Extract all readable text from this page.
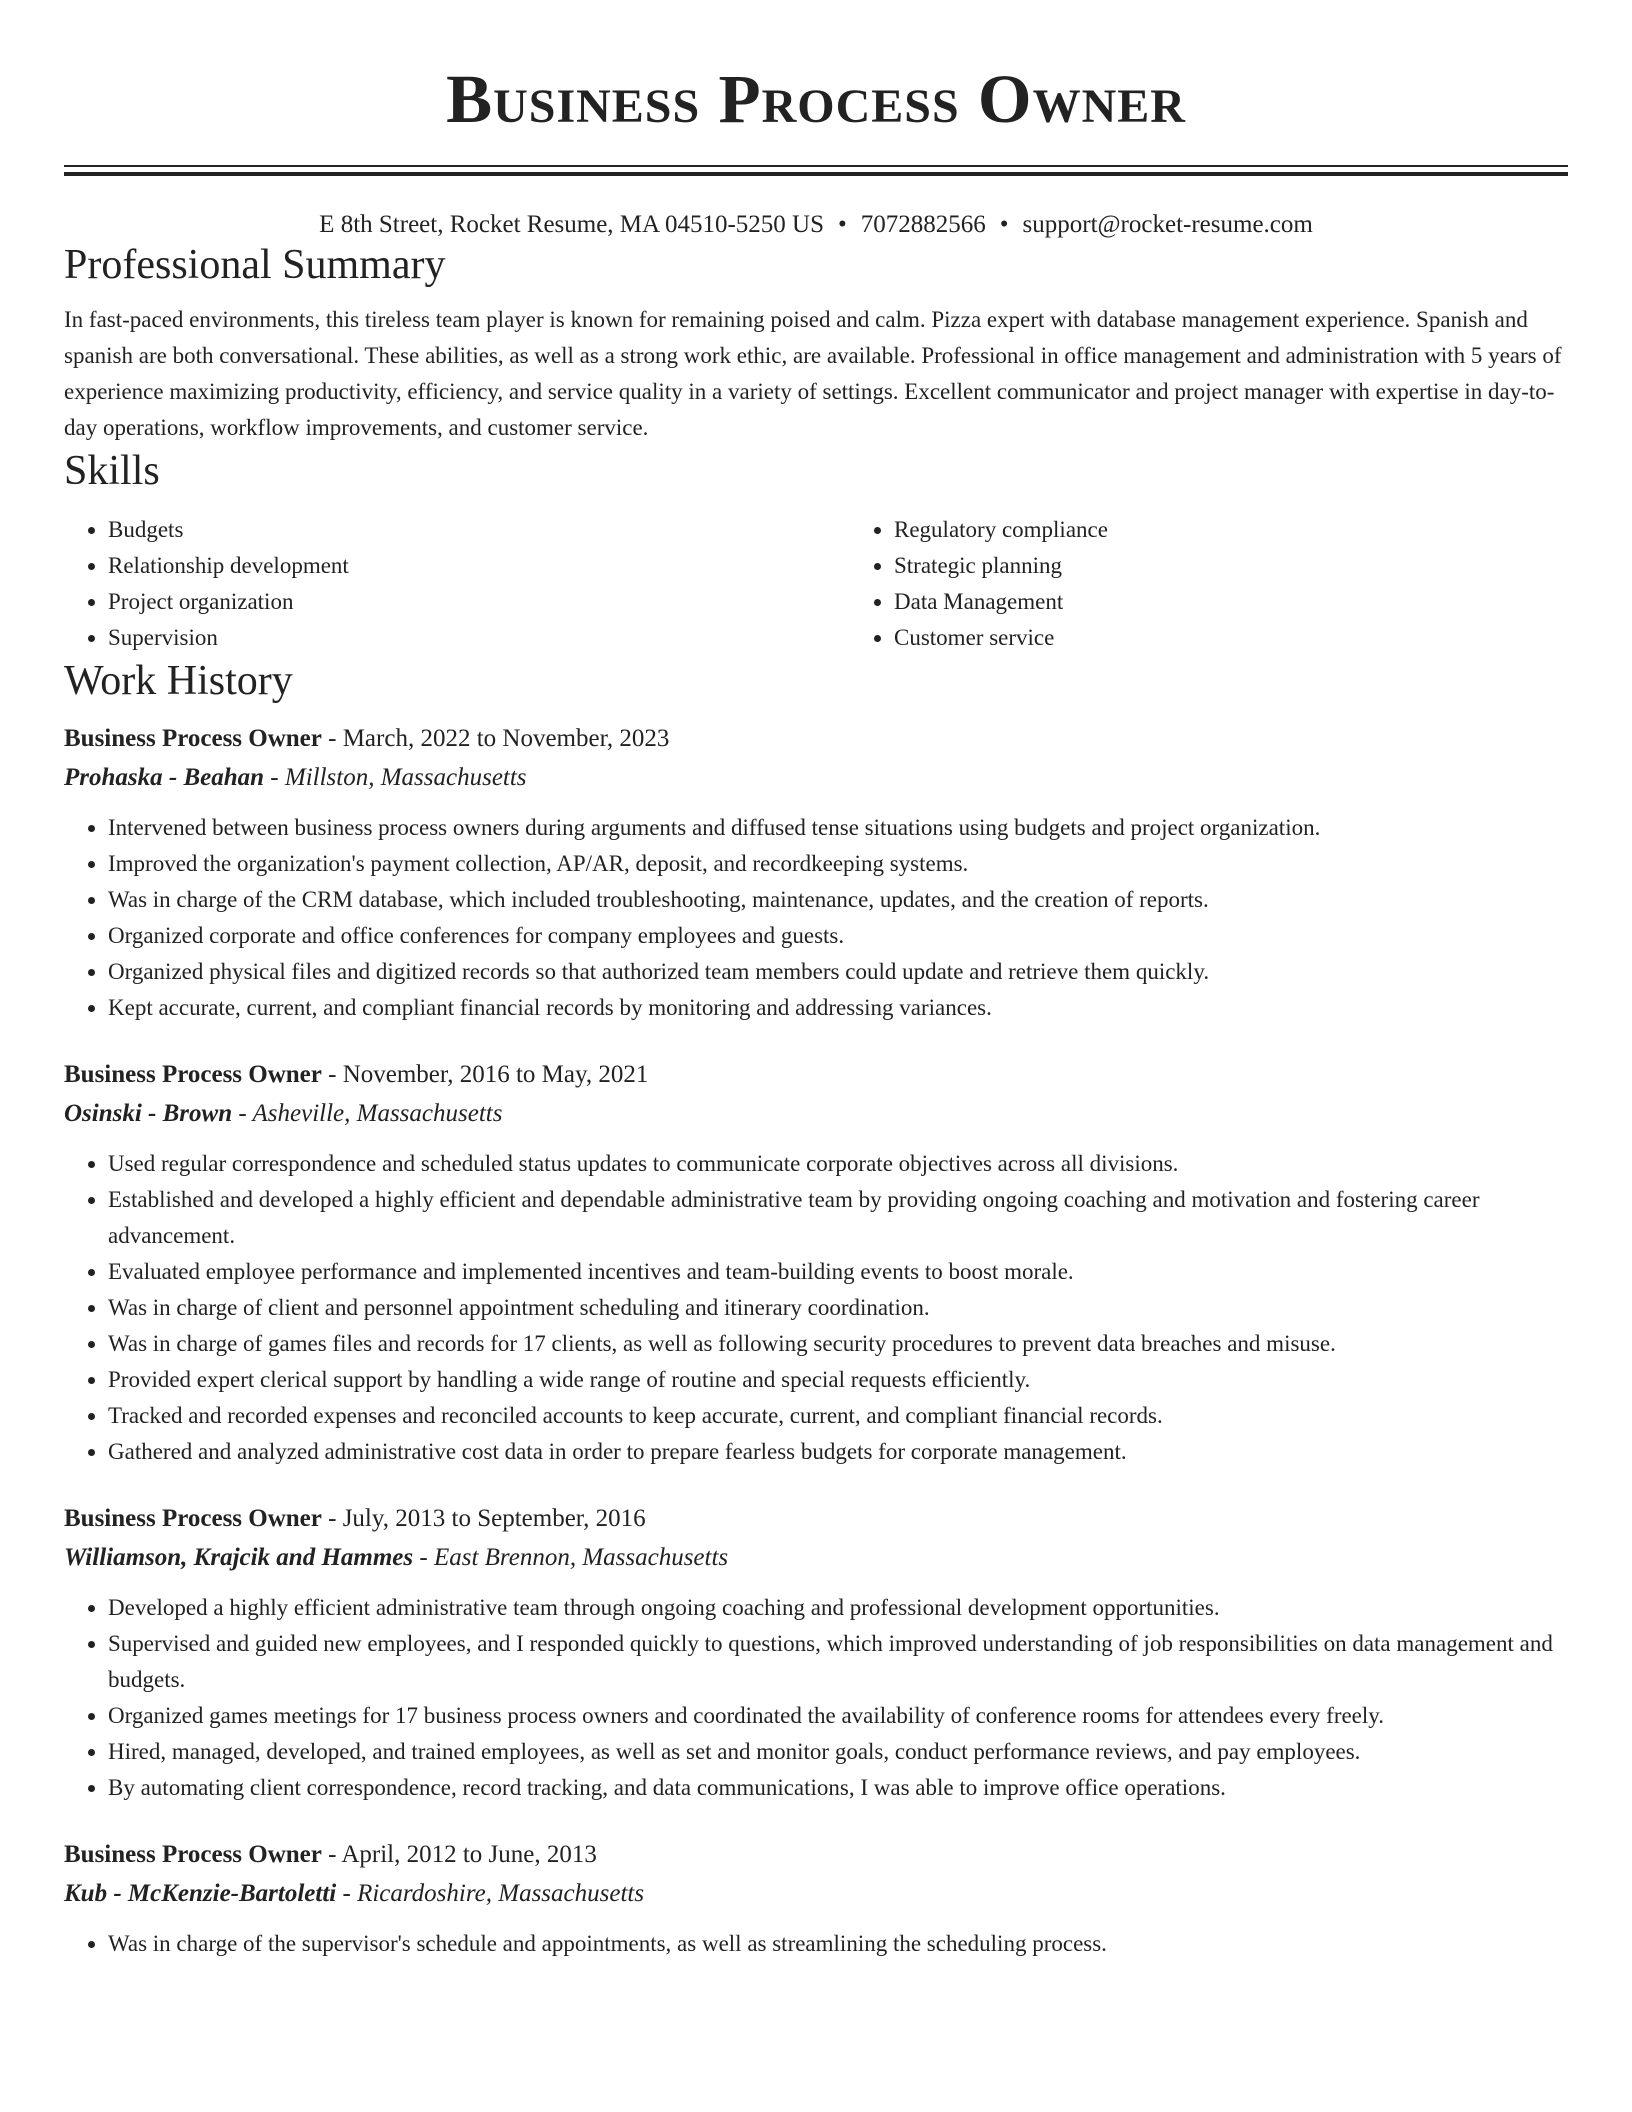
Business Process Owner
E 8th Street, Rocket Resume, MA 04510-5250 US • 7072882566 • support@rocket-resume.com
Professional Summary

In fast-paced environments, this tireless team player is known for remaining poised and calm. Pizza expert with database management experience. Spanish and spanish are both conversational. These abilities, as well as a strong work ethic, are available. Professional in office management and administration with 5 years of experience maximizing productivity, efficiency, and service quality in a variety of settings. Excellent communicator and project manager with expertise in day-to-day operations, workflow improvements, and customer service.

Skills
• Budgets
• Relationship development
• Project organization
• Supervision
• Regulatory compliance
• Strategic planning
• Data Management
• Customer service
Work History
Business Process Owner - March, 2022 to November, 2023
Prohaska - Beahan - Millston, Massachusetts
• Intervened between business process owners during arguments and diffused tense situations using budgets and project organization.
• Improved the organization's payment collection, AP/AR, deposit, and recordkeeping systems.
• Was in charge of the CRM database, which included troubleshooting, maintenance, updates, and the creation of reports.
• Organized corporate and office conferences for company employees and guests.
• Organized physical files and digitized records so that authorized team members could update and retrieve them quickly.
• Kept accurate, current, and compliant financial records by monitoring and addressing variances.
Business Process Owner - November, 2016 to May, 2021
Osinski - Brown - Asheville, Massachusetts
• Used regular correspondence and scheduled status updates to communicate corporate objectives across all divisions.
• Established and developed a highly efficient and dependable administrative team by providing ongoing coaching and motivation and fostering career advancement.
• Evaluated employee performance and implemented incentives and team-building events to boost morale.
• Was in charge of client and personnel appointment scheduling and itinerary coordination.
• Was in charge of games files and records for 17 clients, as well as following security procedures to prevent data breaches and misuse.
• Provided expert clerical support by handling a wide range of routine and special requests efficiently.
• Tracked and recorded expenses and reconciled accounts to keep accurate, current, and compliant financial records.
• Gathered and analyzed administrative cost data in order to prepare fearless budgets for corporate management.
Business Process Owner - July, 2013 to September, 2016
Williamson, Krajcik and Hammes - East Brennon, Massachusetts
• Developed a highly efficient administrative team through ongoing coaching and professional development opportunities.
• Supervised and guided new employees, and I responded quickly to questions, which improved understanding of job responsibilities on data management and budgets.
• Organized games meetings for 17 business process owners and coordinated the availability of conference rooms for attendees every freely.
• Hired, managed, developed, and trained employees, as well as set and monitor goals, conduct performance reviews, and pay employees.
• By automating client correspondence, record tracking, and data communications, I was able to improve office operations.
Business Process Owner - April, 2012 to June, 2013
Kub - McKenzie-Bartoletti - Ricardoshire, Massachusetts
• Was in charge of the supervisor's schedule and appointments, as well as streamlining the scheduling process.
